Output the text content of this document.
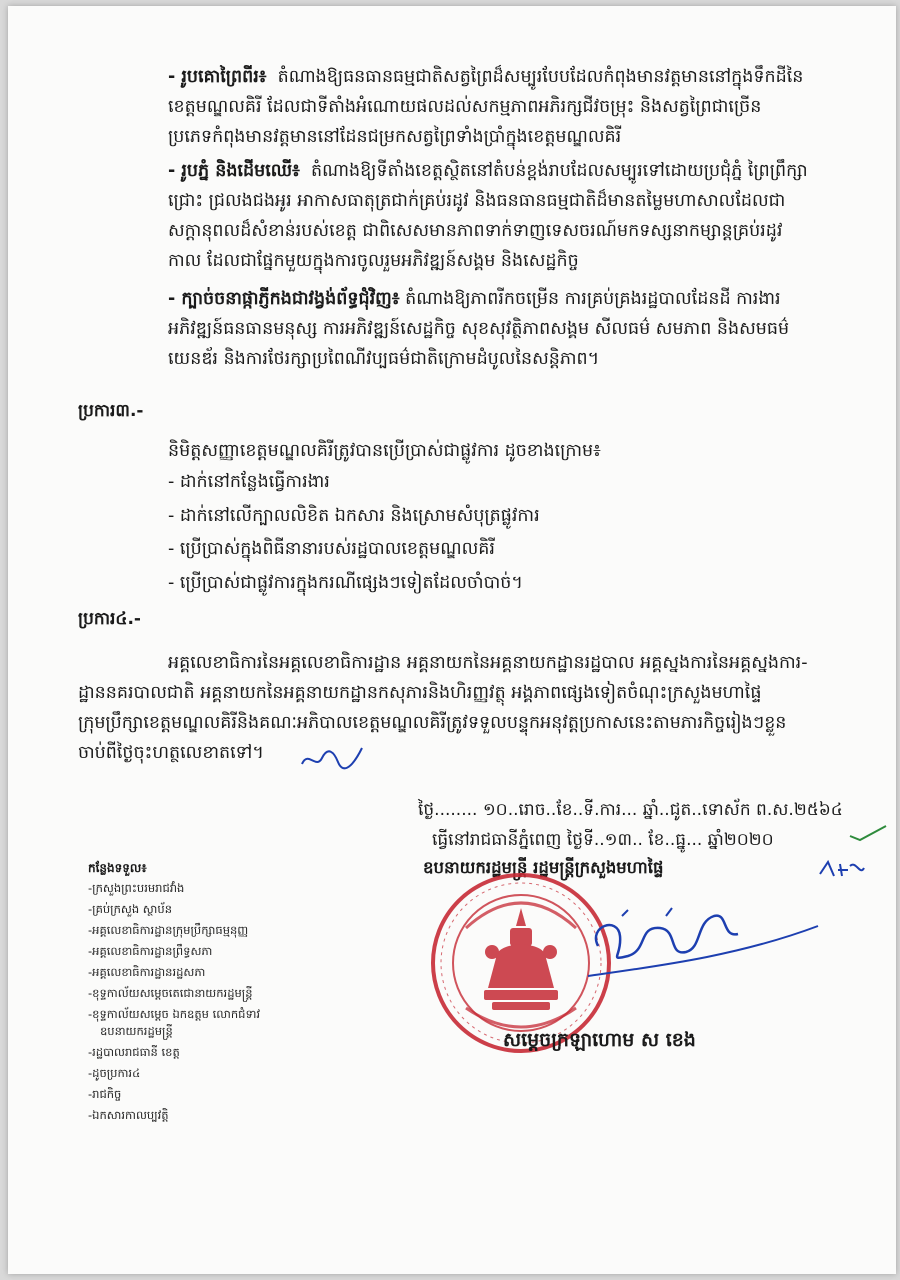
- រូបគោព្រៃពីរ៖ តំណាងឱ្យធនធានធម្មជាតិសត្វព្រៃដ៏សម្បូរបែបដែលកំពុងមានវត្តមាននៅក្នុងទឹកដីនៃ

ខេត្តមណ្ឌលគិរី ដែលជាទីតាំងអំណោយផលដល់សកម្មភាពអភិរក្សជីវចម្រុះ និងសត្វព្រៃជាច្រើន

ប្រភេទកំពុងមានវត្តមាននៅដែនជម្រកសត្វព្រៃទាំងប្រាំក្នុងខេត្តមណ្ឌលគិរី

- រូបភ្នំ និងដើមឈើ៖ តំណាងឱ្យទីតាំងខេត្តស្ថិតនៅតំបន់ខ្ពង់រាបដែលសម្បូរទៅដោយប្រជុំភ្នំ ព្រៃព្រឹក្សា

ជ្រោះ ជ្រលងជងអូរ អាកាសធាតុត្រជាក់គ្រប់រដូវ និងធនធានធម្មជាតិដ៏មានតម្លៃមហាសាលដែលជា

សក្តានុពលដ៏សំខាន់របស់ខេត្ត ជាពិសេសមានភាពទាក់ទាញទេសចរណ៍មកទស្សនាកម្សាន្តគ្រប់រដូវ

កាល ដែលជាផ្នែកមួយក្នុងការចូលរួមអភិវឌ្ឍន៍សង្គម និងសេដ្ឋកិច្ច

- ក្បាច់ចនាផ្កាភ្ញីកងជាវង្វង់ព័ទ្ធជុំវិញ៖ តំណាងឱ្យភាពរីកចម្រើន ការគ្រប់គ្រងរដ្ឋបាលដែនដី ការងារ

អភិវឌ្ឍន៍ធនធានមនុស្ស ការអភិវឌ្ឍន៍សេដ្ឋកិច្ច សុខសុវត្ថិភាពសង្គម សីលធម៌ សមភាព និងសមធម៌

យេនឌ័រ និងការថែរក្សាប្រពៃណីវប្បធម៌ជាតិក្រោមដំបូលនៃសន្តិភាព។

ប្រការ៣.-
និមិត្តសញ្ញាខេត្តមណ្ឌលគិរីត្រូវបានប្រើប្រាស់ជាផ្លូវការ ដូចខាងក្រោម៖
- ដាក់នៅកន្លែងធ្វើការងារ
- ដាក់នៅលើក្បាលលិខិត ឯកសារ និងស្រោមសំបុត្រផ្លូវការ
- ប្រើប្រាស់ក្នុងពិធីនានារបស់រដ្ឋបាលខេត្តមណ្ឌលគិរី
- ប្រើប្រាស់ជាផ្លូវការក្នុងករណីផ្សេងៗទៀតដែលចាំបាច់។
ប្រការ៤.-

អគ្គលេខាធិការនៃអគ្គលេខាធិការដ្ឋាន អគ្គនាយកនៃអគ្គនាយកដ្ឋានរដ្ឋបាល អគ្គស្នងការនៃអគ្គស្នងការ-

ដ្ឋាននគរបាលជាតិ អគ្គនាយកនៃអគ្គនាយកដ្ឋានកសុភារនិងហិរញ្ញវត្ថុ អង្គភាពផ្សេងទៀតចំណុះក្រសួងមហាផ្ទៃ

ក្រុមប្រឹក្សាខេត្តមណ្ឌលគិរីនិងគណៈអភិបាលខេត្តមណ្ឌលគិរីត្រូវទទួលបន្ទុកអនុវត្តប្រកាសនេះតាមភារកិច្ចរៀងៗខ្លួន

ចាប់ពីថ្ងៃចុះហត្ថលេខាតទៅ។

ថ្ងៃ........ ១០..រោច..ខែ..ទី.ការ... ឆ្នាំ..ជូត..ទោស័ក ព.ស.២៥៦៤
ធ្វើនៅរាជធានីភ្នំពេញ ថ្ងៃទី..១៣.. ខែ..ធ្នូ... ឆ្នាំ២០២០
ឧបនាយករដ្ឋមន្ត្រី រដ្ឋមន្ត្រីក្រសួងមហាផ្ទៃ
សម្តេចក្រឡាហោម ស ខេង
កន្លែងទទួល៖
-ក្រសួងព្រះបរមរាជវាំង
-គ្រប់ក្រសួង ស្ថាប័ន
-អគ្គលេខាធិការដ្ឋានក្រុមប្រឹក្សាធម្មនុញ្ញ
-អគ្គលេខាធិការដ្ឋានព្រឹទ្ធសភា
-អគ្គលេខាធិការដ្ឋានរដ្ឋសភា
-ខុទ្ទកាល័យសម្តេចតេជោនាយករដ្ឋមន្ត្រី
-ខុទ្ទកាល័យសម្តេច ឯកឧត្តម លោកជំទាវ
ឧបនាយករដ្ឋមន្ត្រី
-រដ្ឋបាលរាជធានី ខេត្ត
-ដូចប្រការ៤
-រាជកិច្ច
-ឯកសារកាលប្បវត្តិ
